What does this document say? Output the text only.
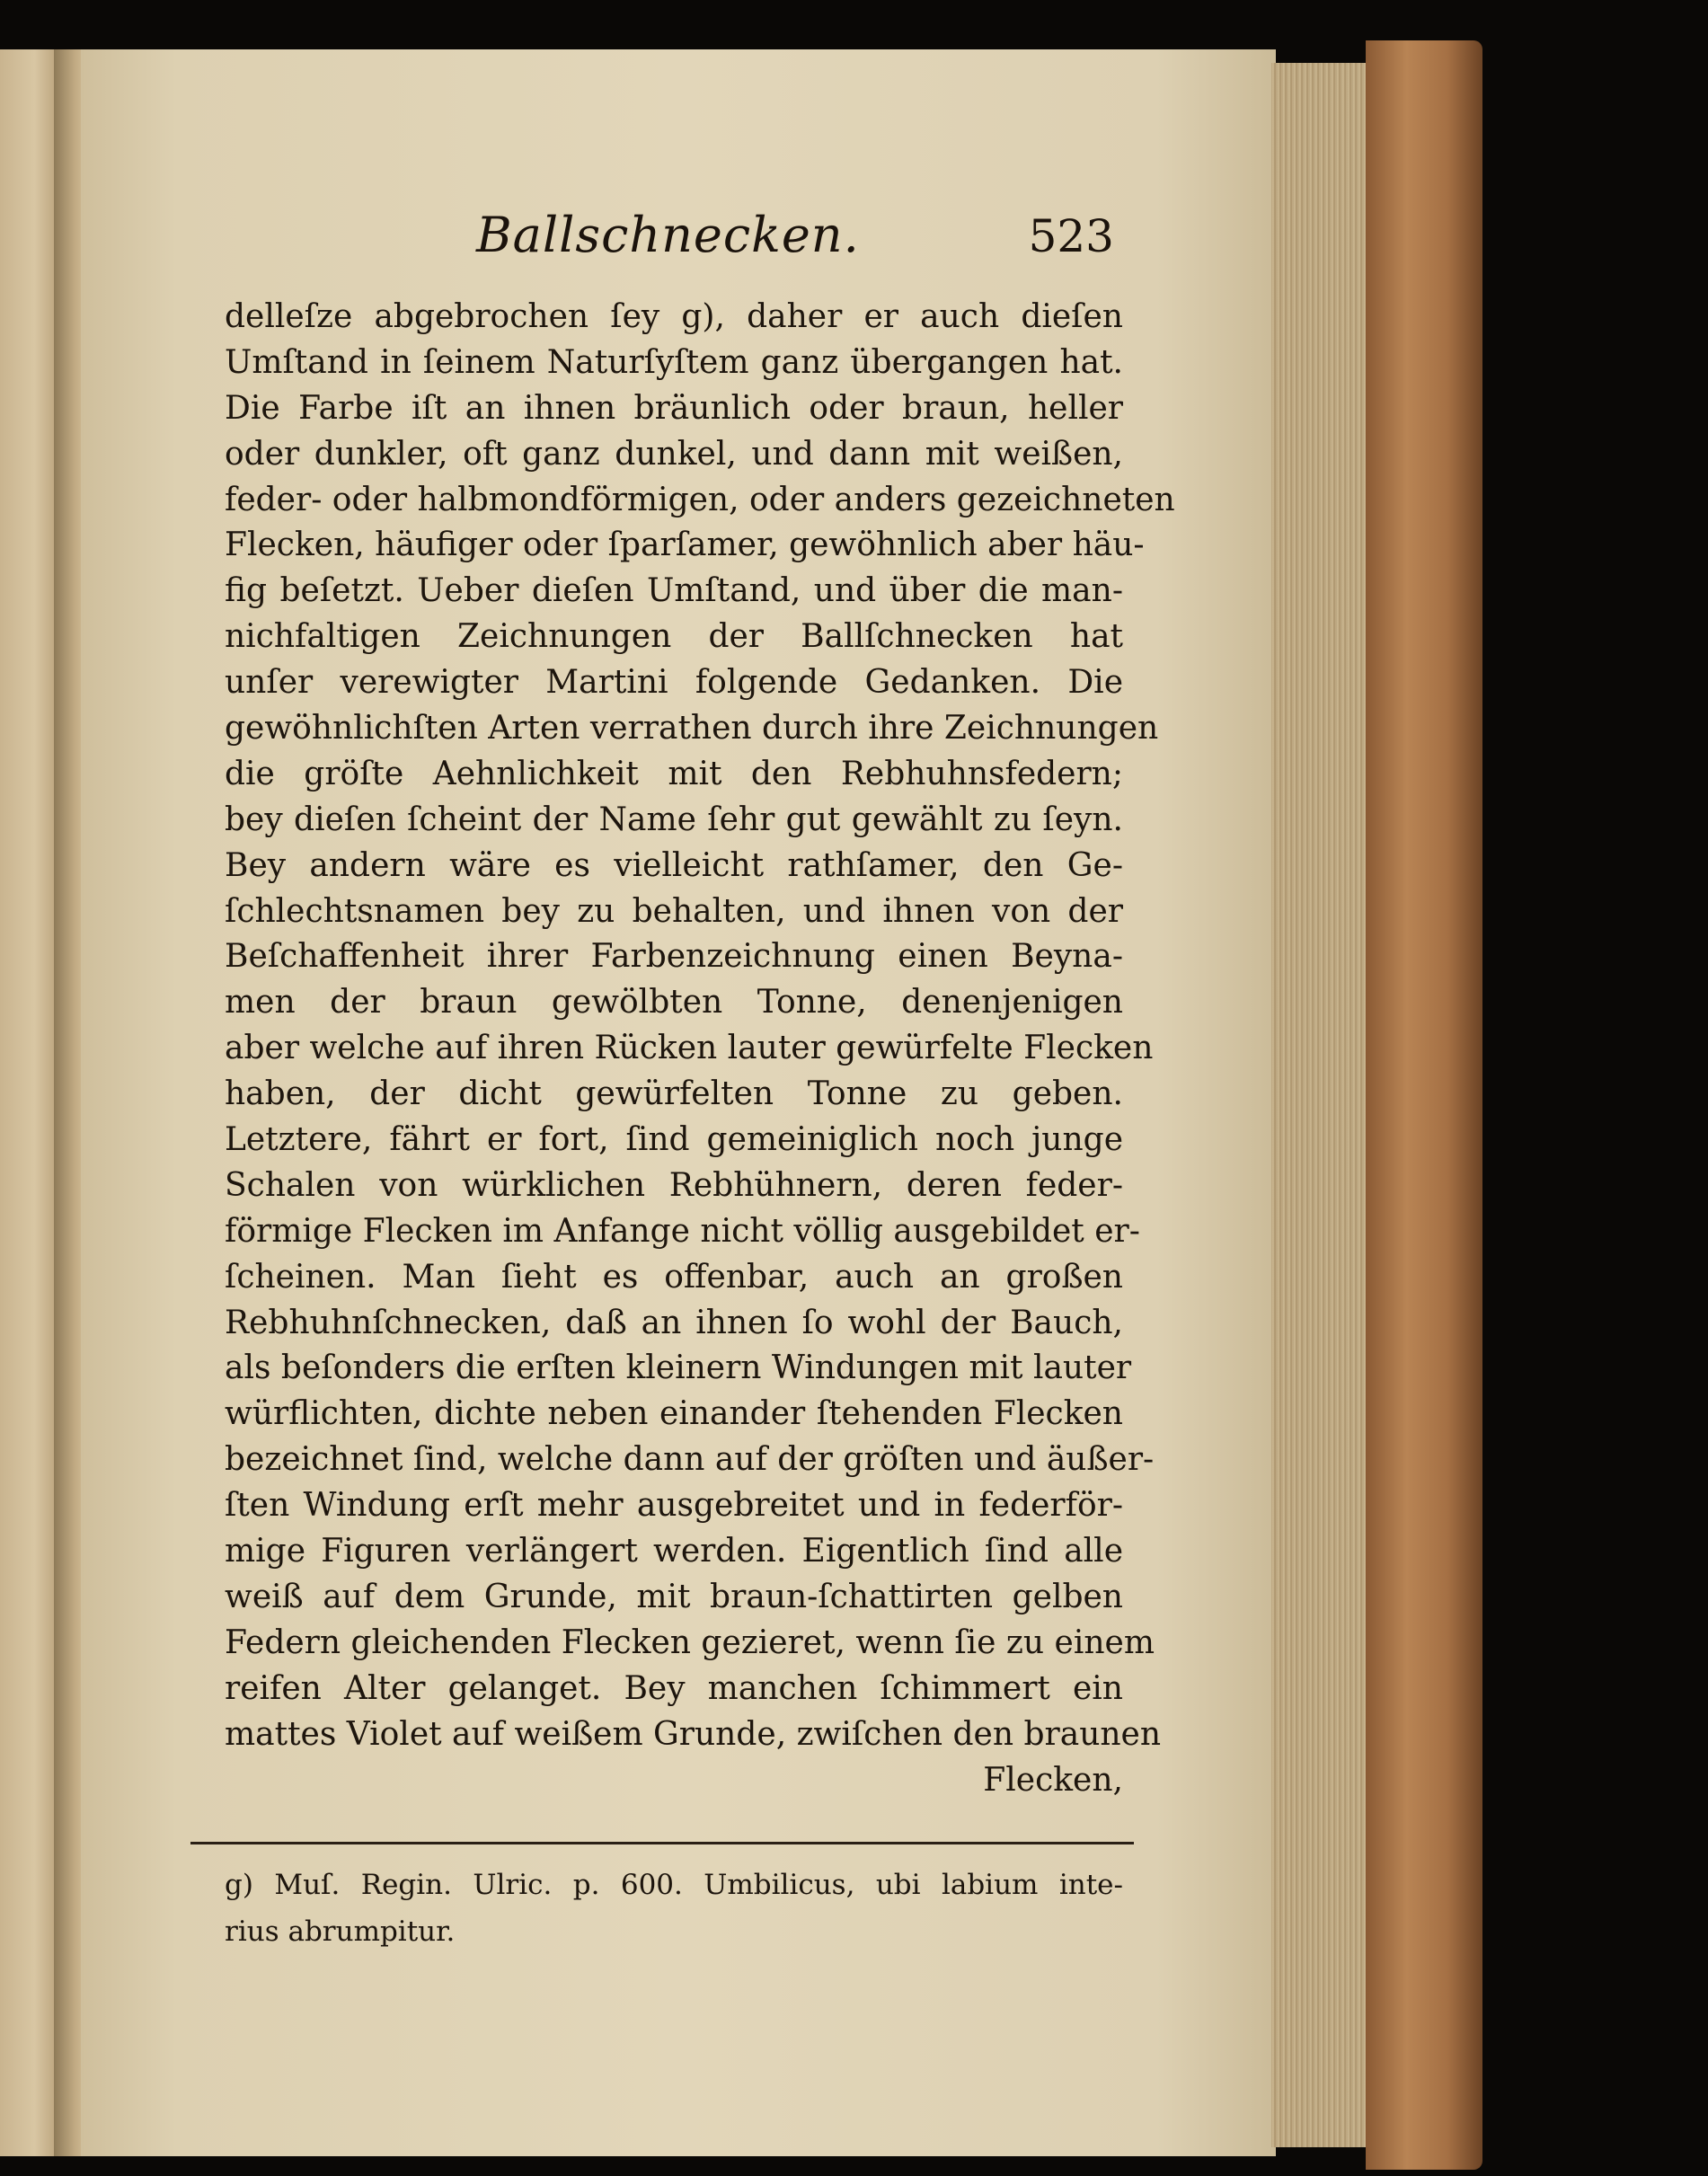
Ballschnecken.	523
delleſze abgebrochen ſey g), daher er auch dieſen
Umſtand in ſeinem Naturſyſtem ganz übergangen hat.
Die Farbe iſt an ihnen bräunlich oder braun, heller
oder dunkler, oft ganz dunkel, und dann mit weißen,
feder- oder halbmondförmigen, oder anders gezeichneten
Flecken, häufiger oder ſparſamer, gewöhnlich aber häu-
fig beſetzt. Ueber dieſen Umſtand, und über die man-
nichfaltigen Zeichnungen der Ballſchnecken hat
unſer verewigter Martini folgende Gedanken. Die
gewöhnlichſten Arten verrathen durch ihre Zeichnungen
die gröſte Aehnlichkeit mit den Rebhuhnsfedern;
bey dieſen ſcheint der Name ſehr gut gewählt zu ſeyn.
Bey andern wäre es vielleicht rathſamer, den Ge-
ſchlechtsnamen bey zu behalten, und ihnen von der
Beſchaffenheit ihrer Farbenzeichnung einen Beyna-
men der braun gewölbten Tonne, denenjenigen
aber welche auf ihren Rücken lauter gewürfelte Flecken
haben, der dicht gewürfelten Tonne zu geben.
Letztere, fährt er fort, ſind gemeiniglich noch junge
Schalen von würklichen Rebhühnern, deren feder-
förmige Flecken im Anfange nicht völlig ausgebildet er-
ſcheinen. Man ſieht es offenbar, auch an großen
Rebhuhnſchnecken, daß an ihnen ſo wohl der Bauch,
als beſonders die erſten kleinern Windungen mit lauter
würflichten, dichte neben einander ſtehenden Flecken
bezeichnet ſind, welche dann auf der gröſten und äußer-
ſten Windung erſt mehr ausgebreitet und in federför-
mige Figuren verlängert werden. Eigentlich ſind alle
weiß auf dem Grunde, mit braun-ſchattirten gelben
Federn gleichenden Flecken gezieret, wenn ſie zu einem
reifen Alter gelanget. Bey manchen ſchimmert ein
mattes Violet auf weißem Grunde, zwiſchen den braunen
Flecken,
g) Muſ. Regin. Ulric. p. 600. Umbilicus, ubi labium inte-
rius abrumpitur.
